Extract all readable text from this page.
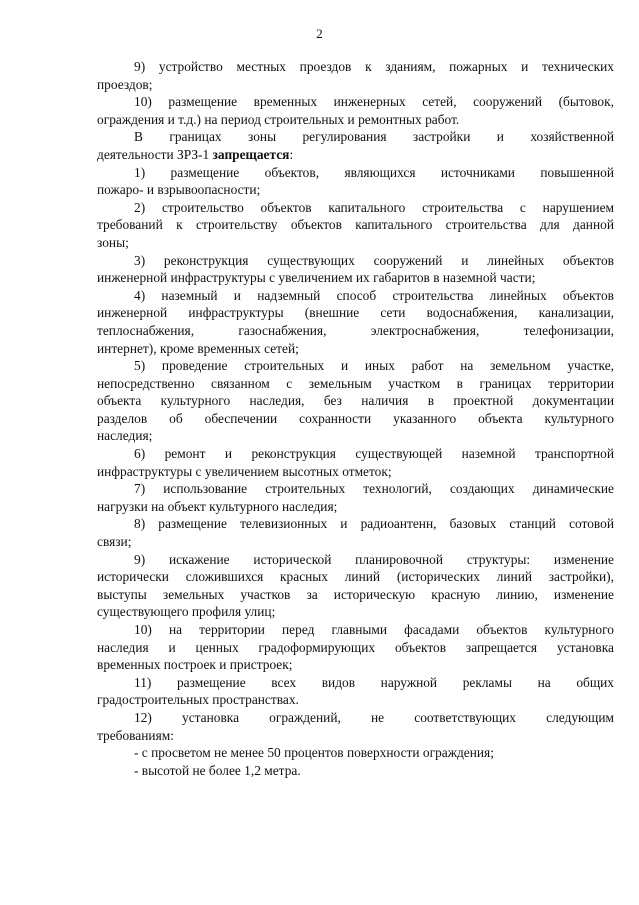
2

9) устройство местных проездов к зданиям, пожарных и технических
проездов;

10) размещение временных инженерных сетей, сооружений (бытовок,
ограждения и т.д.) на период строительных и ремонтных работ.

В границах зоны регулирования застройки и хозяйственной
деятельности ЗРЗ-1 запрещается:

1) размещение объектов, являющихся источниками повышенной
пожаро- и взрывоопасности;

2) строительство объектов капитального строительства с нарушением
требований к строительству объектов капитального строительства для данной
зоны;

3) реконструкция существующих сооружений и линейных объектов
инженерной инфраструктуры с увеличением их габаритов в наземной части;

4) наземный и надземный способ строительства линейных объектов
инженерной инфраструктуры (внешние сети водоснабжения, канализации,
теплоснабжения, газоснабжения, электроснабжения, телефонизации,
интернет), кроме временных сетей;

5) проведение строительных и иных работ на земельном участке,
непосредственно связанном с земельным участком в границах территории
объекта культурного наследия, без наличия в проектной документации
разделов об обеспечении сохранности указанного объекта культурного
наследия;

6) ремонт и реконструкция существующей наземной транспортной
инфраструктуры с увеличением высотных отметок;

7) использование строительных технологий, создающих динамические
нагрузки на объект культурного наследия;

8) размещение телевизионных и радиоантенн, базовых станций сотовой
связи;

9) искажение исторической планировочной структуры: изменение
исторически сложившихся красных линий (исторических линий застройки),
выступы земельных участков за историческую красную линию, изменение
существующего профиля улиц;

10) на территории перед главными фасадами объектов культурного
наследия и ценных градоформирующих объектов запрещается установка
временных построек и пристроек;

11) размещение всех видов наружной рекламы на общих
градостроительных пространствах.

12) установка ограждений, не соответствующих следующим
требованиям:

- с просветом не менее 50 процентов поверхности ограждения;

- высотой не более 1,2 метра.
